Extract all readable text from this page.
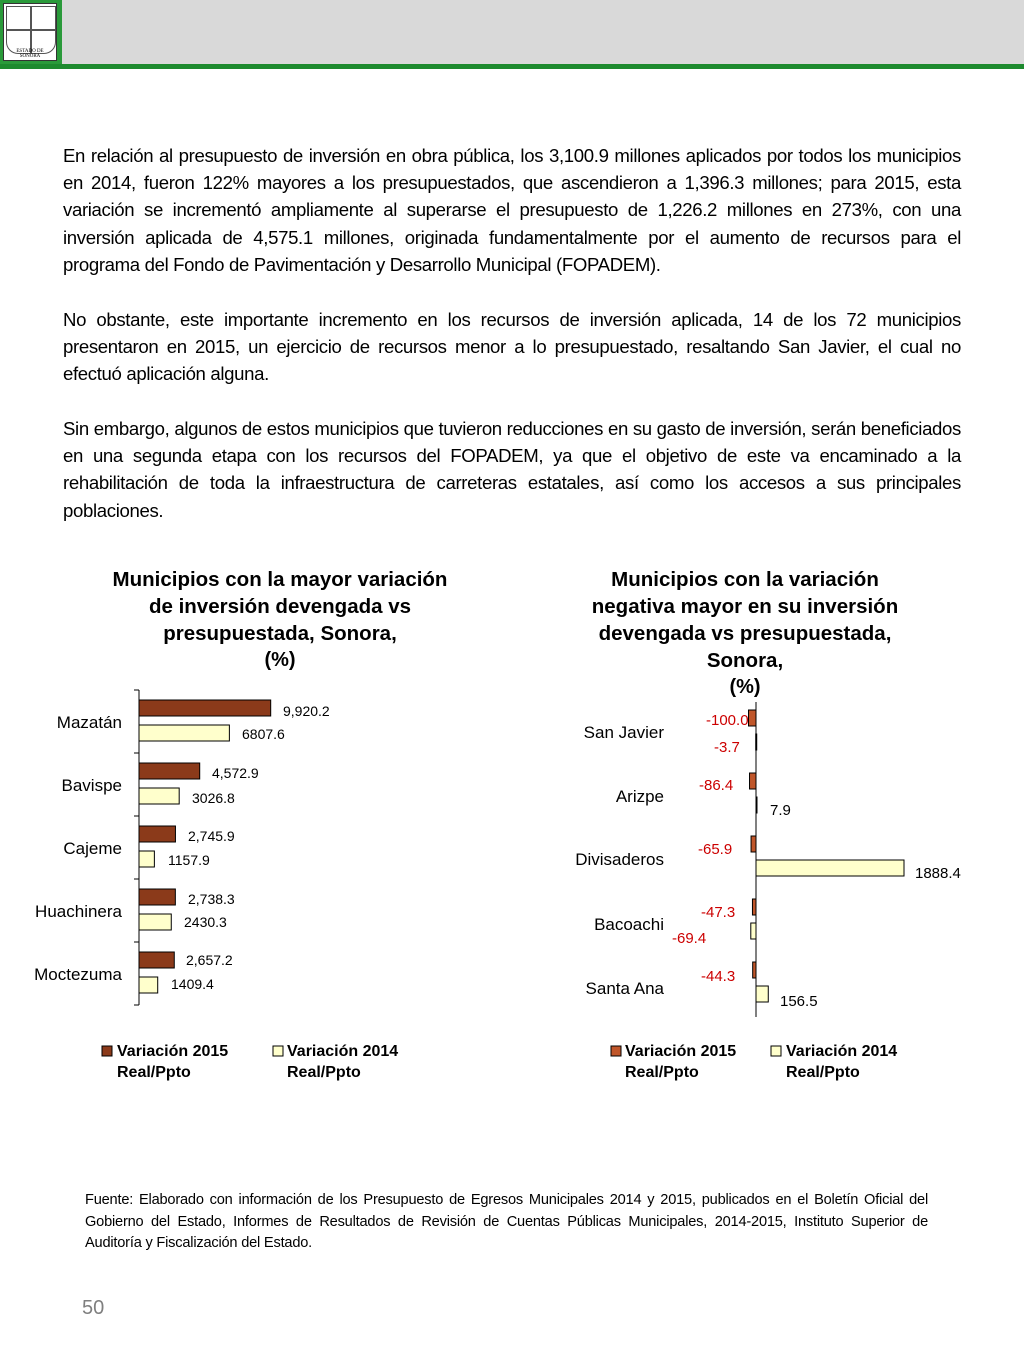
ESTADO DE SONORA
En relación al presupuesto de inversión en obra pública, los 3,100.9 millones aplicados por todos los municipios en 2014, fueron 122% mayores a los presupuestados, que ascendieron a 1,396.3 millones; para 2015, esta variación se incrementó ampliamente al superarse el presupuesto de 1,226.2 millones en 273%, con una inversión aplicada de 4,575.1 millones, originada fundamentalmente por el aumento de recursos para el programa del Fondo de Pavimentación y Desarrollo Municipal (FOPADEM).
No obstante, este importante incremento en los recursos de inversión aplicada, 14 de los 72 municipios presentaron en 2015, un ejercicio de recursos menor a lo presupuestado, resaltando San Javier, el cual no efectuó aplicación alguna.
Sin embargo, algunos de estos municipios que tuvieron reducciones en su gasto de inversión, serán beneficiados en una segunda etapa con los recursos del FOPADEM, ya que el objetivo de este va encaminado a la rehabilitación de toda la infraestructura de carreteras estatales, así como los accesos a sus principales poblaciones.
Municipios con la mayor variación
de inversión devengada vs
presupuestada, Sonora,
(%)
Municipios con la variación
negativa mayor en su inversión
devengada vs presupuestada,
Sonora,
(%)
Mazatán
9,920.2
6807.6
Bavispe
4,572.9
3026.8
Cajeme
2,745.9
1157.9
Huachinera
2,738.3
2430.3
Moctezuma
2,657.2
1409.4
Variación 2015
Real/Ppto
Variación 2014
Real/Ppto
San Javier
-100.0
-3.7
Arizpe
-86.4
7.9
Divisaderos
-65.9
1888.4
Bacoachi
-47.3
-69.4
Santa Ana
-44.3
156.5
Variación 2015
Real/Ppto
Variación 2014
Real/Ppto
Fuente: Elaborado con información de los Presupuesto de Egresos Municipales 2014 y 2015, publicados en el Boletín Oficial del Gobierno del Estado, Informes de Resultados de Revisión de Cuentas Públicas Municipales, 2014-2015, Instituto Superior de Auditoría y Fiscalización del Estado.
50
